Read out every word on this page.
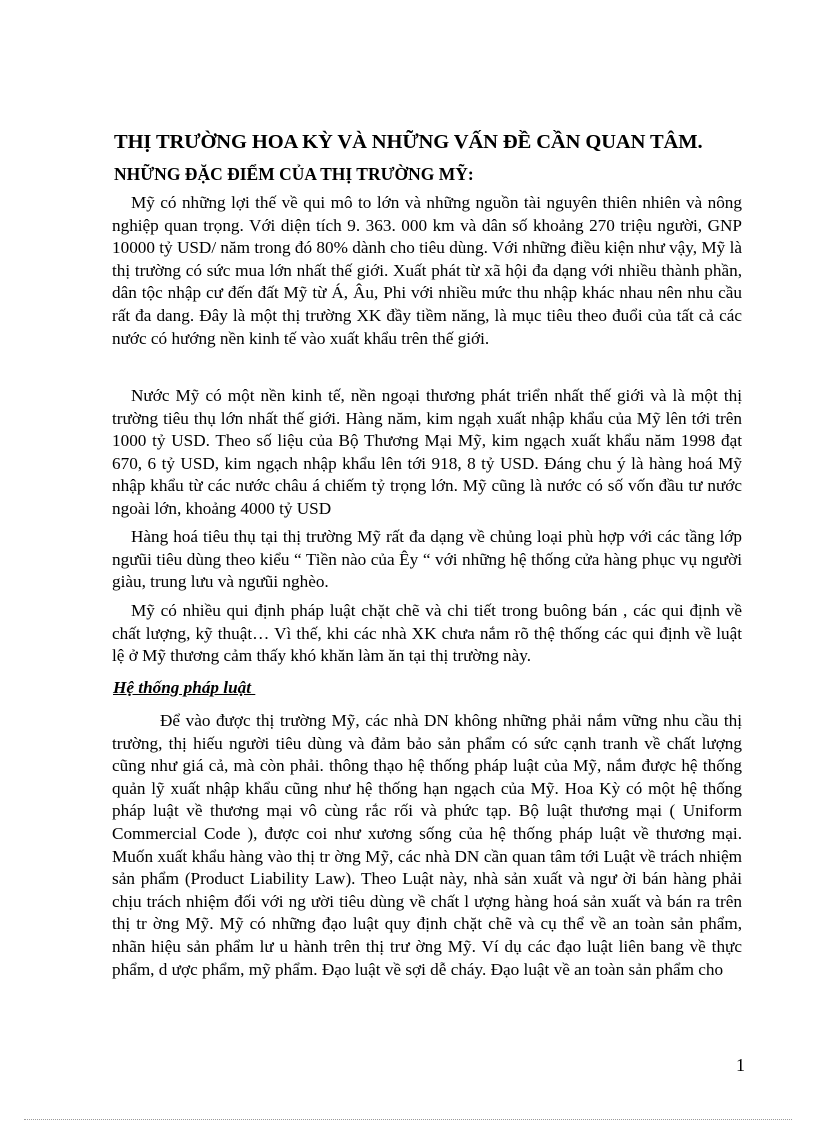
THỊ TRƯỜNG HOA KỲ VÀ NHỮNG VẤN ĐỀ CẦN QUAN TÂM.
NHỮNG ĐẶC ĐIỂM CỦA THỊ TRƯỜNG MỸ:

Mỹ có những lợi thế về qui mô to lớn và những nguồn tài nguyên thiên nhiên và nông nghiệp quan trọng. Với diện tích 9. 363. 000 km và dân số khoảng 270 triệu người, GNP 10000 tỷ USD/ năm trong đó 80% dành cho tiêu dùng. Với những điều kiện như vậy, Mỹ là thị trường có sức mua lớn nhất thế giới. Xuất phát từ xã hội đa dạng với nhiều thành phần, dân tộc nhập cư đến đất Mỹ từ Á, Âu, Phi với nhiều mức thu nhập khác nhau nên nhu cầu rất đa dang. Đây là một thị trường XK đầy tiềm năng, là mục tiêu theo đuổi của tất cả các nước có hướng nền kinh tế vào xuất khẩu trên thế giới.

Nước Mỹ có một nền kinh tế, nền ngoại thương phát triển nhất thế giới và là một thị trường tiêu thụ lớn nhất thế giới. Hàng năm, kim ngạh xuất nhập khẩu của Mỹ lên tới trên 1000 tỷ USD. Theo số liệu của Bộ Thương Mại Mỹ, kim ngạch xuất khẩu năm 1998 đạt 670, 6 tỷ USD, kim ngạch nhập khẩu lên tới 918, 8 tỷ USD. Đáng chu ý là hàng hoá Mỹ nhập khẩu từ các nước châu á chiếm tỷ trọng lớn. Mỹ cũng là nước có số vốn đầu tư nước ngoài lớn, khoảng 4000 tỷ USD

Hàng hoá tiêu thụ tại thị trường Mỹ rất đa dạng về chủng loại phù hợp với các tầng lớp ngưũi tiêu dùng theo kiểu “ Tiền nào của Êy “ với những hệ thống cửa hàng phục vụ người giàu, trung lưu và ngưũi nghèo.

Mỹ có nhiều qui định pháp luật chặt chẽ và chi tiết trong buông bán , các qui định về chất lượng, kỹ thuật… Vì thế, khi các nhà XK chưa nắm rõ thệ thống các qui định về luật lệ ở Mỹ thương cảm thấy khó khăn làm ăn tại thị trường này.

Hệ thống pháp luật

Để vào được thị trường Mỹ, các nhà DN không những phải nắm vững nhu cầu thị trường, thị hiếu người tiêu dùng và đảm bảo sản phẩm có sức cạnh tranh về chất lượng cũng như giá cả, mà còn phải. thông thạo hệ thống pháp luật của Mỹ, nắm được hệ thống quản lỹ xuất nhập khẩu cũng như hệ thống hạn ngạch của Mỹ. Hoa Kỳ có một hệ thống pháp luật về thương mại vô cùng rắc rối và phức tạp. Bộ luật thương mại ( Uniform Commercial Code ), được coi như xương sống của hệ thống pháp luật về thương mại. Muốn xuất khẩu hàng vào thị tr ờng Mỹ, các nhà DN cần quan tâm tới Luật về trách nhiệm sản phẩm (Product Liability Law). Theo Luật này, nhà sản xuất và ngư ời bán hàng phải chịu trách nhiệm đối với ng ười tiêu dùng về chất l ượng hàng hoá sản xuất và bán ra trên thị tr ờng Mỹ. Mỹ có những đạo luật quy định chặt chẽ và cụ thể về an toàn sản phẩm, nhãn hiệu sản phẩm lư u hành trên thị trư ờng Mỹ. Ví dụ các đạo luật liên bang về thực phẩm, d ược phẩm, mỹ phẩm. Đạo luật về sợi dễ cháy. Đạo luật về an toàn sản phẩm cho

1
